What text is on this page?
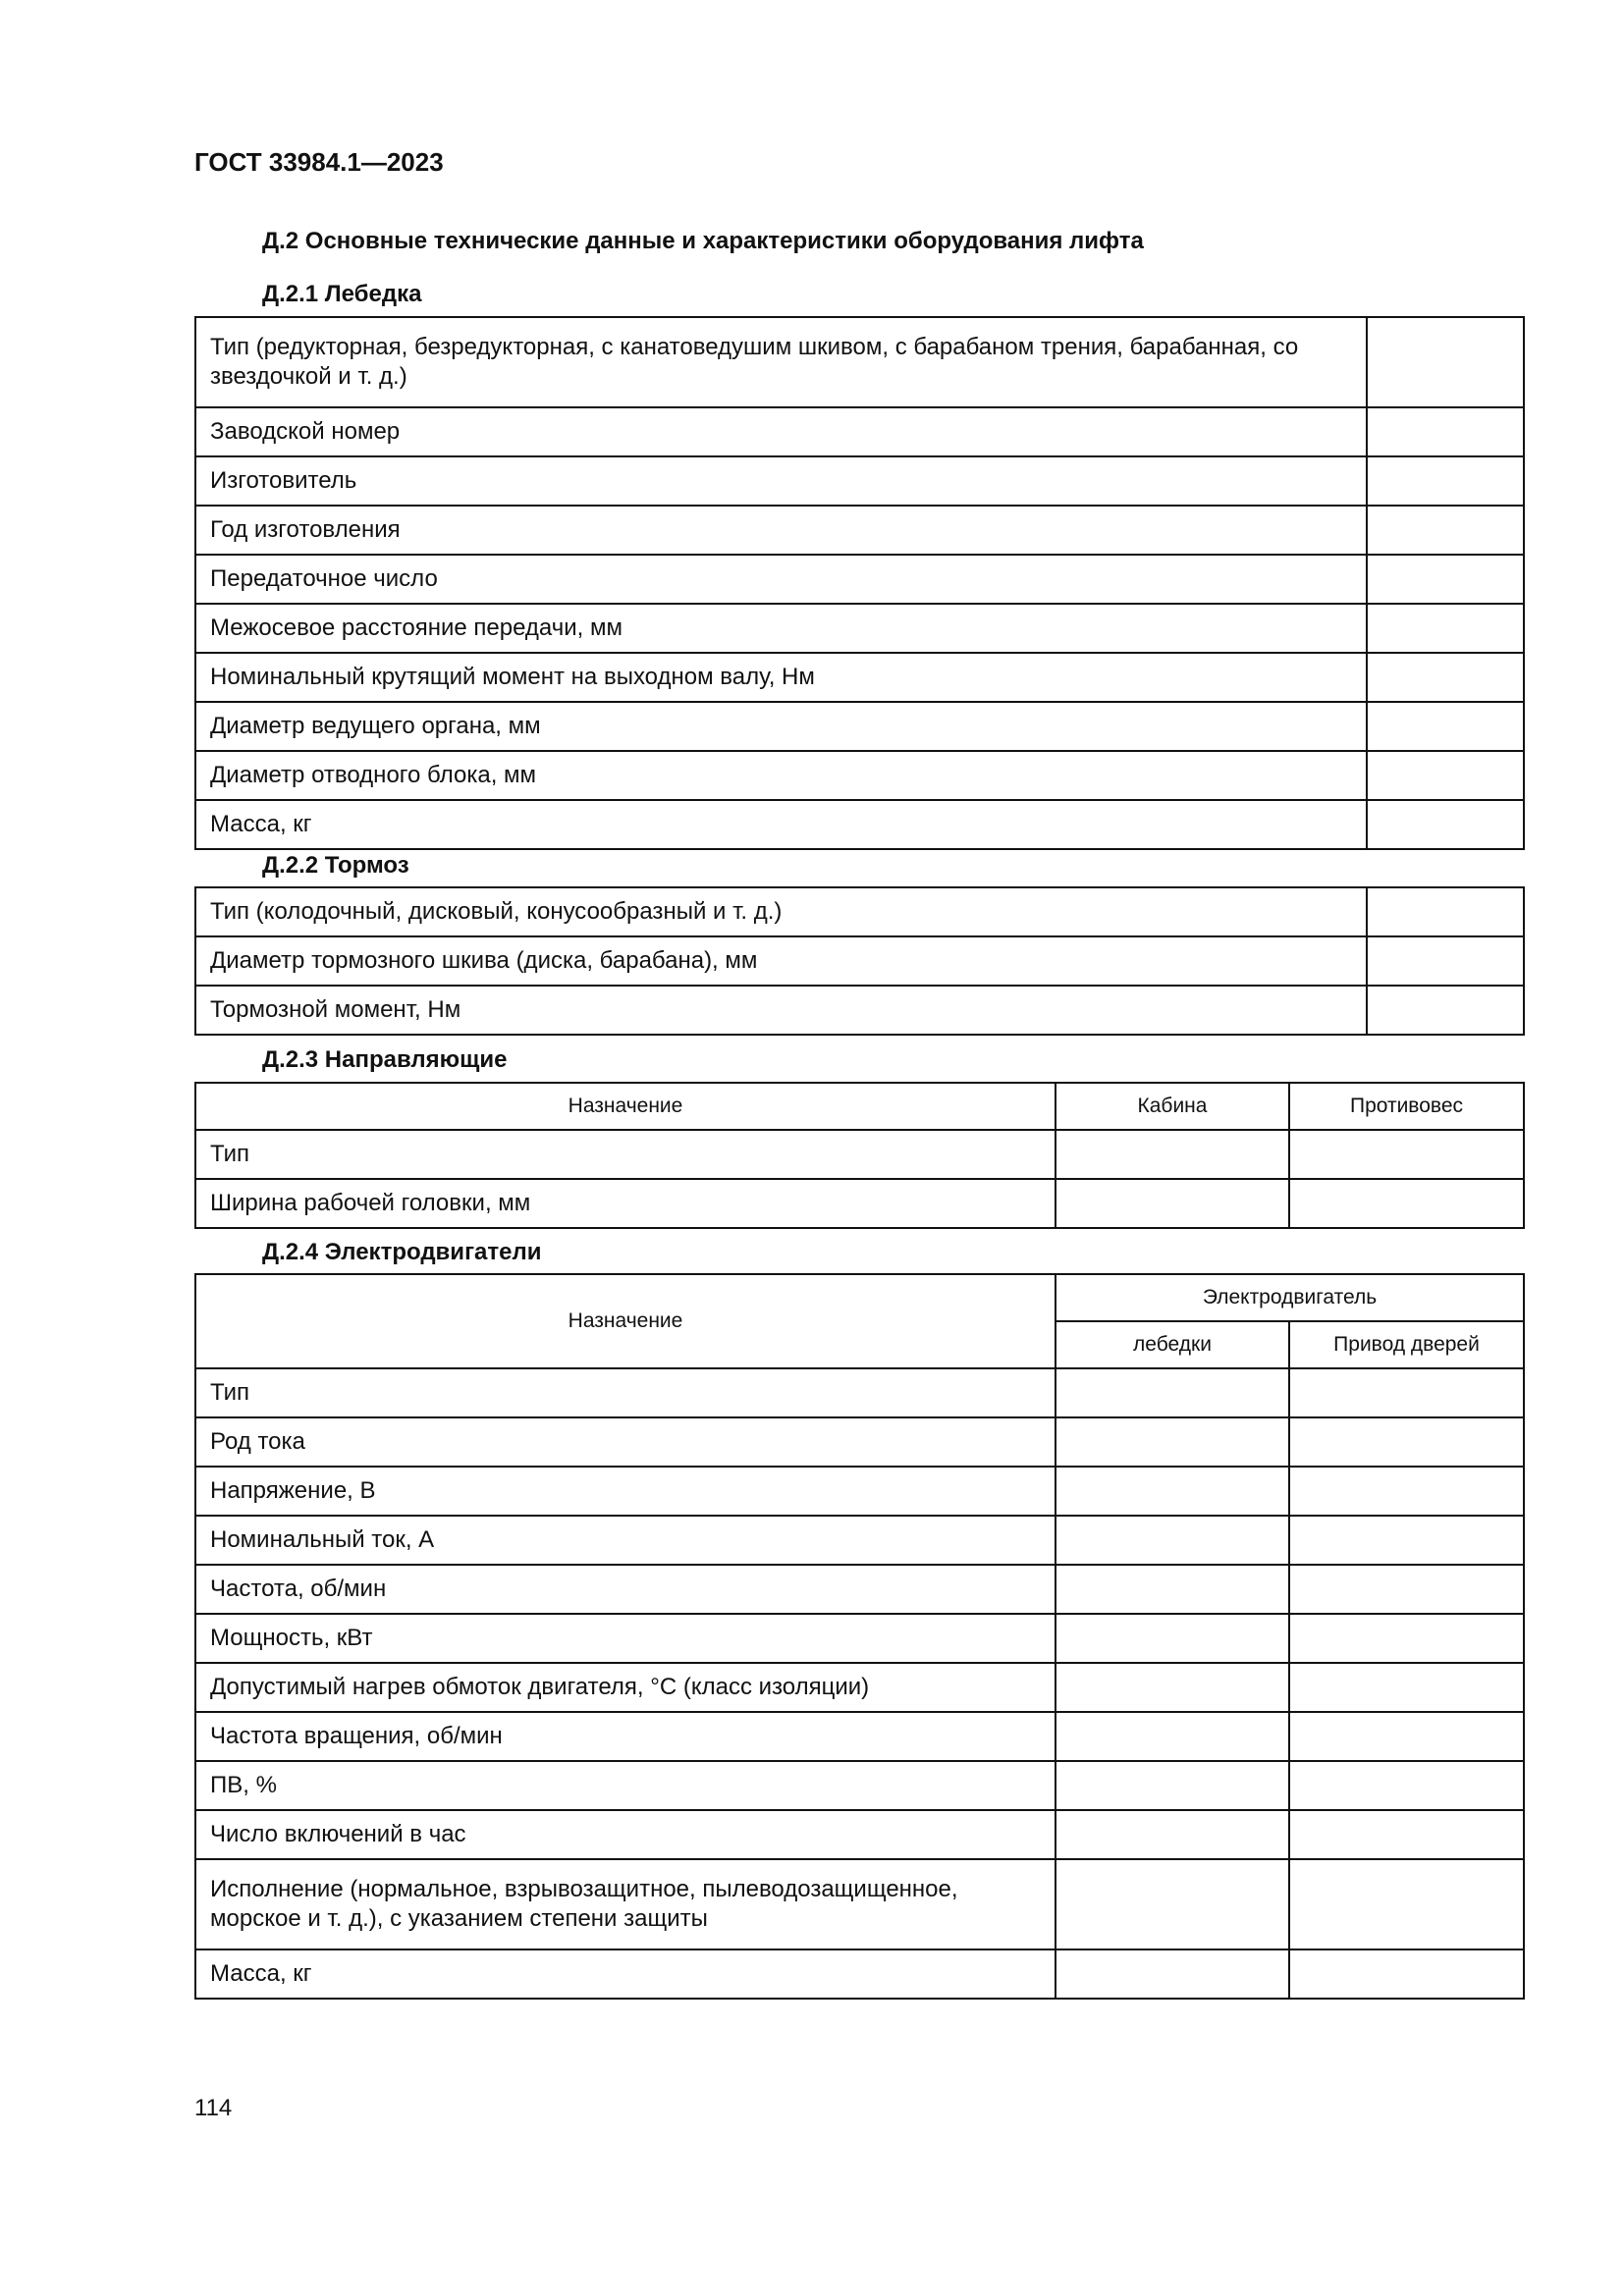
ГОСТ 33984.1—2023
Д.2 Основные технические данные и характеристики оборудования лифта
Д.2.1 Лебедка
Тип (редукторная, безредукторная, с канатоведушим шкивом, с барабаном трения, барабанная, со звездочкой и т. д.)	
Заводской номер	
Изготовитель	
Год изготовления	
Передаточное число	
Межосевое расстояние передачи, мм	
Номинальный крутящий момент на выходном валу, Нм	
Диаметр ведущего органа, мм	
Диаметр отводного блока, мм	
Масса, кг	
Д.2.2 Тормоз
Тип (колодочный, дисковый, конусообразный и т. д.)	
Диаметр тормозного шкива (диска, барабана), мм	
Тормозной момент, Нм	
Д.2.3 Направляющие
Назначение	Кабина	Противовес
Тип		
Ширина рабочей головки, мм		
Д.2.4 Электродвигатели
Назначение	Электродвигатель	
	лебедки	Привод дверей
Тип		
Род тока		
Напряжение, В		
Номинальный ток, А		
Частота, об/мин		
Мощность, кВт		
Допустимый нагрев обмоток двигателя, °С (класс изоляции)		
Частота вращения, об/мин		
ПВ, %		
Число включений в час		
Исполнение (нормальное, взрывозащитное, пылеводозащищенное, морское и т. д.), с указанием степени защиты		
Масса, кг		

114
